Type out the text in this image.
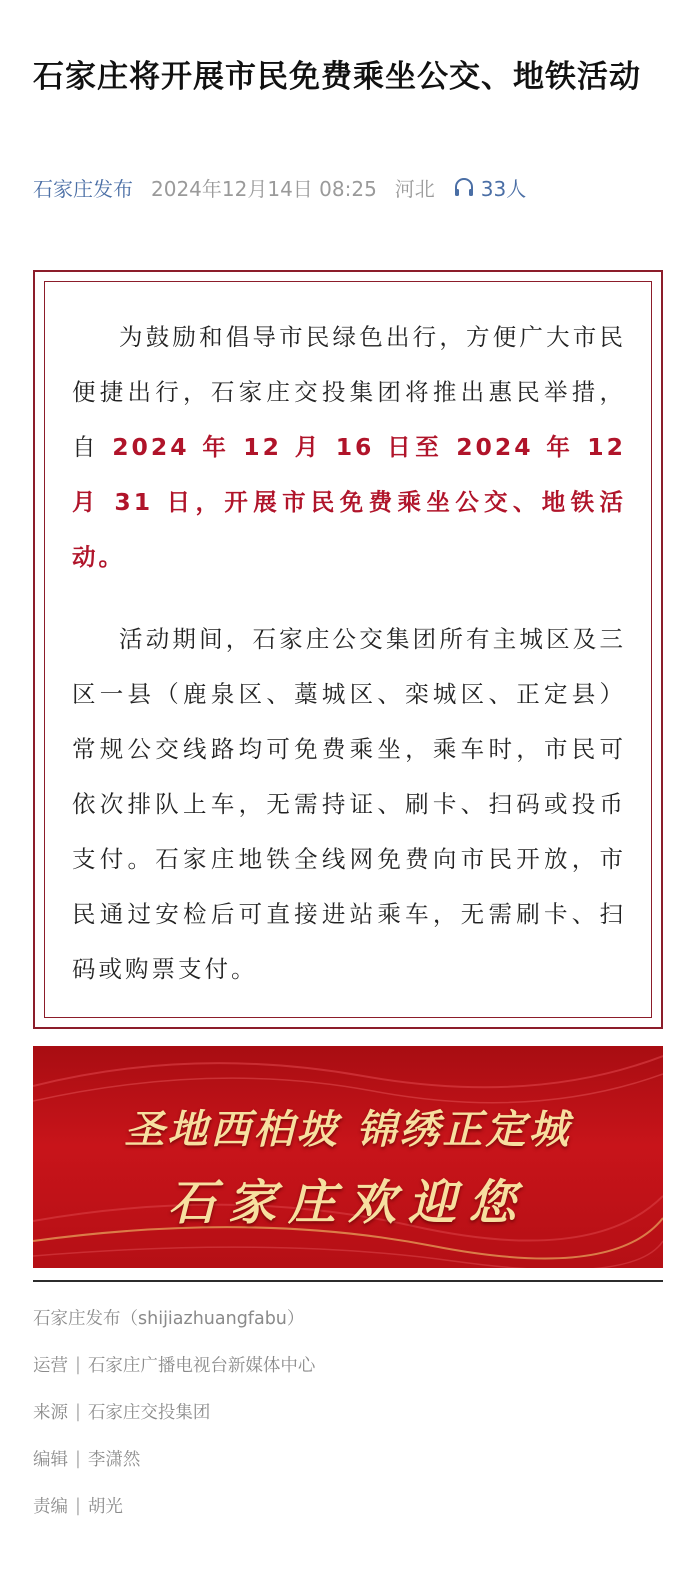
石家庄将开展市民免费乘坐公交、地铁活动
石家庄发布 2024年12月14日 08:25 河北 33人

为鼓励和倡导市民绿色出行，方便广大市民便捷出行，石家庄交投集团将推出惠民举措，自 2024 年 12 月 16 日至 2024 年 12 月 31 日，开展市民免费乘坐公交、地铁活动。

活动期间，石家庄公交集团所有主城区及三区一县（鹿泉区、藁城区、栾城区、正定县）常规公交线路均可免费乘坐，乘车时，市民可依次排队上车，无需持证、刷卡、扫码或投币支付。石家庄地铁全线网免费向市民开放，市民通过安检后可直接进站乘车，无需刷卡、扫码或购票支付。

圣地西柏坡 锦绣正定城
石家庄欢迎您
石家庄发布（shijiazhuangfabu）
运营 | 石家庄广播电视台新媒体中心
来源 | 石家庄交投集团
编辑 | 李潇然
责编 | 胡光
